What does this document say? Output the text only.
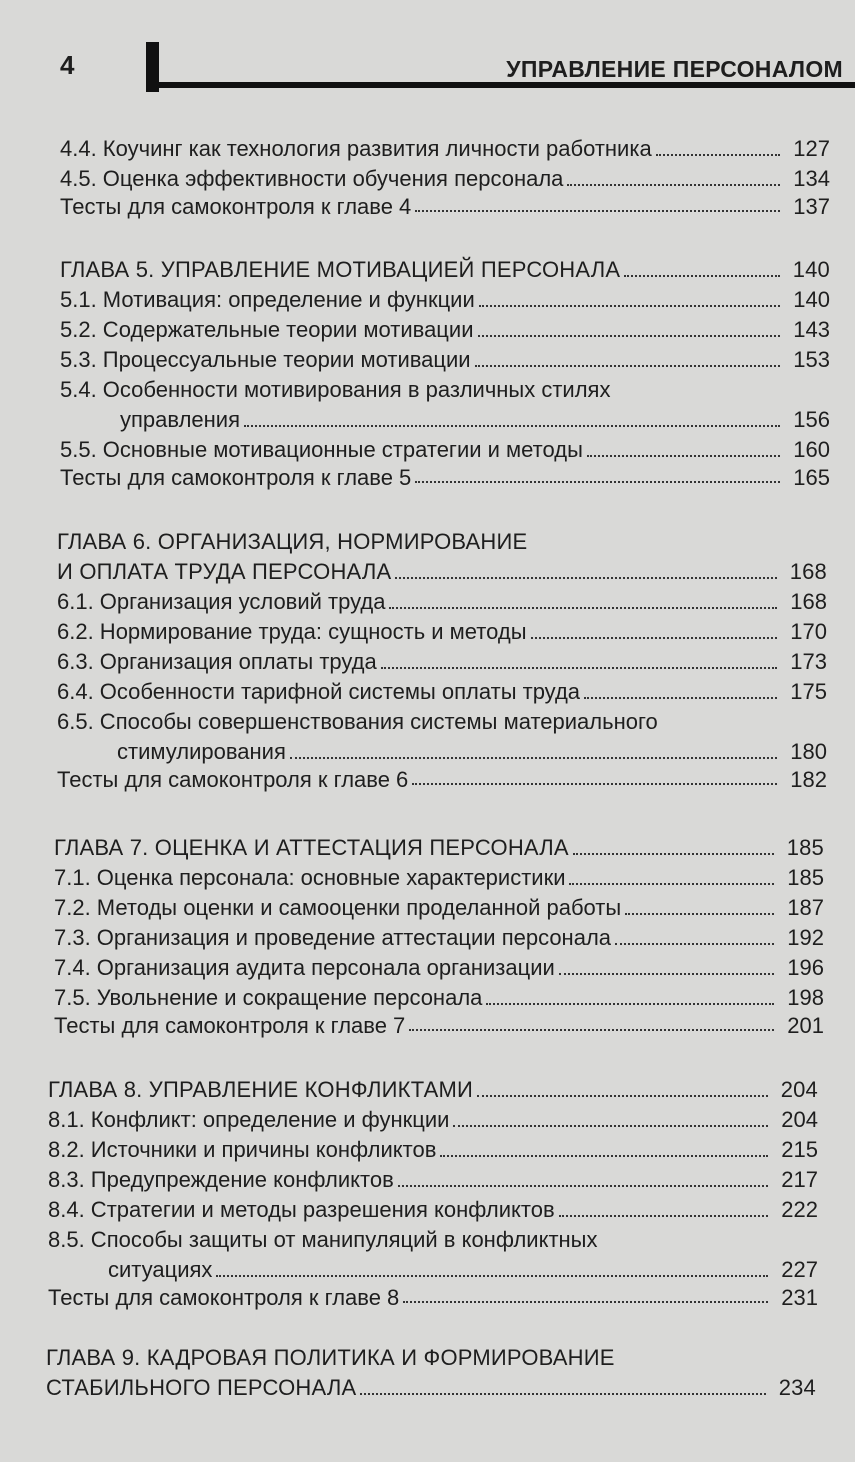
4	УПРАВЛЕНИЕ ПЕРСОНАЛОМ
4.4. Коучинг как технология развития личности работника	127
4.5. Оценка эффективности обучения персонала	134
Тесты для самоконтроля к главе 4	137
ГЛАВА 5. УПРАВЛЕНИЕ МОТИВАЦИЕЙ ПЕРСОНАЛА	140
5.1. Мотивация: определение и функции	140
5.2. Содержательные теории мотивации	143
5.3. Процессуальные теории мотивации	153
5.4. Особенности мотивирования в различных стилях
управления	156
5.5. Основные мотивационные стратегии и методы	160
Тесты для самоконтроля к главе 5	165
ГЛАВА 6. ОРГАНИЗАЦИЯ, НОРМИРОВАНИЕ
И ОПЛАТА ТРУДА ПЕРСОНАЛА	168
6.1. Организация условий труда	168
6.2. Нормирование труда: сущность и методы	170
6.3. Организация оплаты труда	173
6.4. Особенности тарифной системы оплаты труда	175
6.5. Способы совершенствования системы материального
стимулирования	180
Тесты для самоконтроля к главе 6	182
ГЛАВА 7. ОЦЕНКА И АТТЕСТАЦИЯ ПЕРСОНАЛА	185
7.1. Оценка персонала: основные характеристики	185
7.2. Методы оценки и самооценки проделанной работы	187
7.3. Организация и проведение аттестации персонала	192
7.4. Организация аудита персонала организации	196
7.5. Увольнение и сокращение персонала	198
Тесты для самоконтроля к главе 7	201
ГЛАВА 8. УПРАВЛЕНИЕ КОНФЛИКТАМИ	204
8.1. Конфликт: определение и функции	204
8.2. Источники и причины конфликтов	215
8.3. Предупреждение конфликтов	217
8.4. Стратегии и методы разрешения конфликтов	222
8.5. Способы защиты от манипуляций в конфликтных
ситуациях	227
Тесты для самоконтроля к главе 8	231
ГЛАВА 9. КАДРОВАЯ ПОЛИТИКА И ФОРМИРОВАНИЕ
СТАБИЛЬНОГО ПЕРСОНАЛА	234
